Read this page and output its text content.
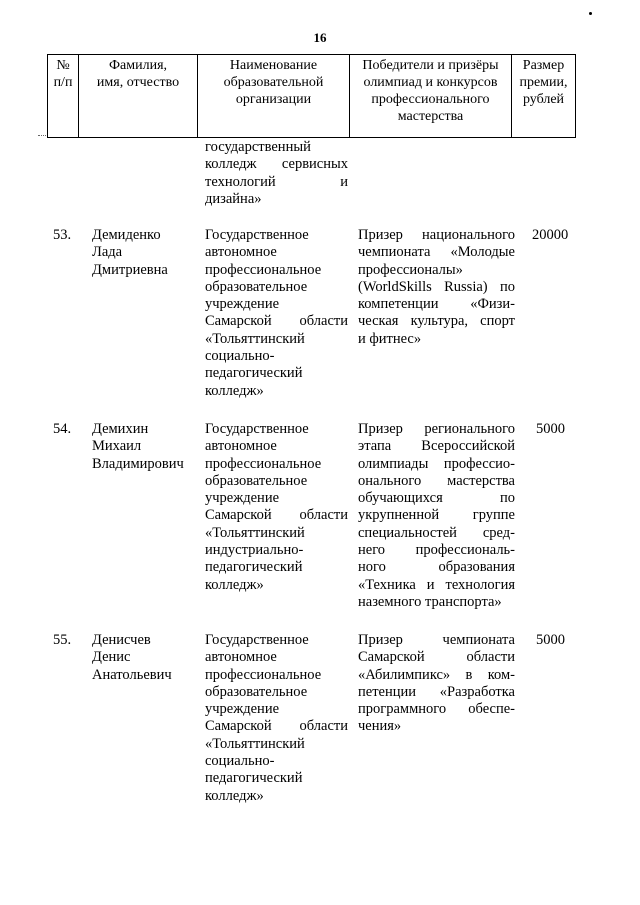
16
№
п/п

Фамилия,
имя, отчество

Наименование
образовательной
организации

Победители и призёры
олимпиад и конкурсов
профессионального
мастерства

Размер
премии,
рублей
государственный
колледж сервисных
технологий и
дизайна»
53. Демиденко
Лада
Дмитриевна
Государственное
автономное
профессиональное
образовательное
учреждение
Самарской области
«Тольяттинский
социально-
педагогический
колледж»
Призер национального
чемпионата «Молодые
профессионалы»
(WorldSkills Russia) по
компетенции «Физи-
ческая культура, спорт
и фитнес»
20000
54. Демихин
Михаил
Владимирович
Государственное
автономное
профессиональное
образовательное
учреждение
Самарской области
«Тольяттинский
индустриально-
педагогический
колледж»
Призер регионального
этапа Всероссийской
олимпиады профессио-
онального мастерства
обучающихся по
укрупненной группе
специальностей сред-
него профессиональ-
ного образования
«Техника и технология
наземного транспорта»
5000
55. Денисчев
Денис
Анатольевич
Государственное
автономное
профессиональное
образовательное
учреждение
Самарской области
«Тольяттинский
социально-
педагогический
колледж»
Призер чемпионата
Самарской области
«Абилимпикс» в ком-
петенции «Разработка
программного обеспе-
чения»
5000
